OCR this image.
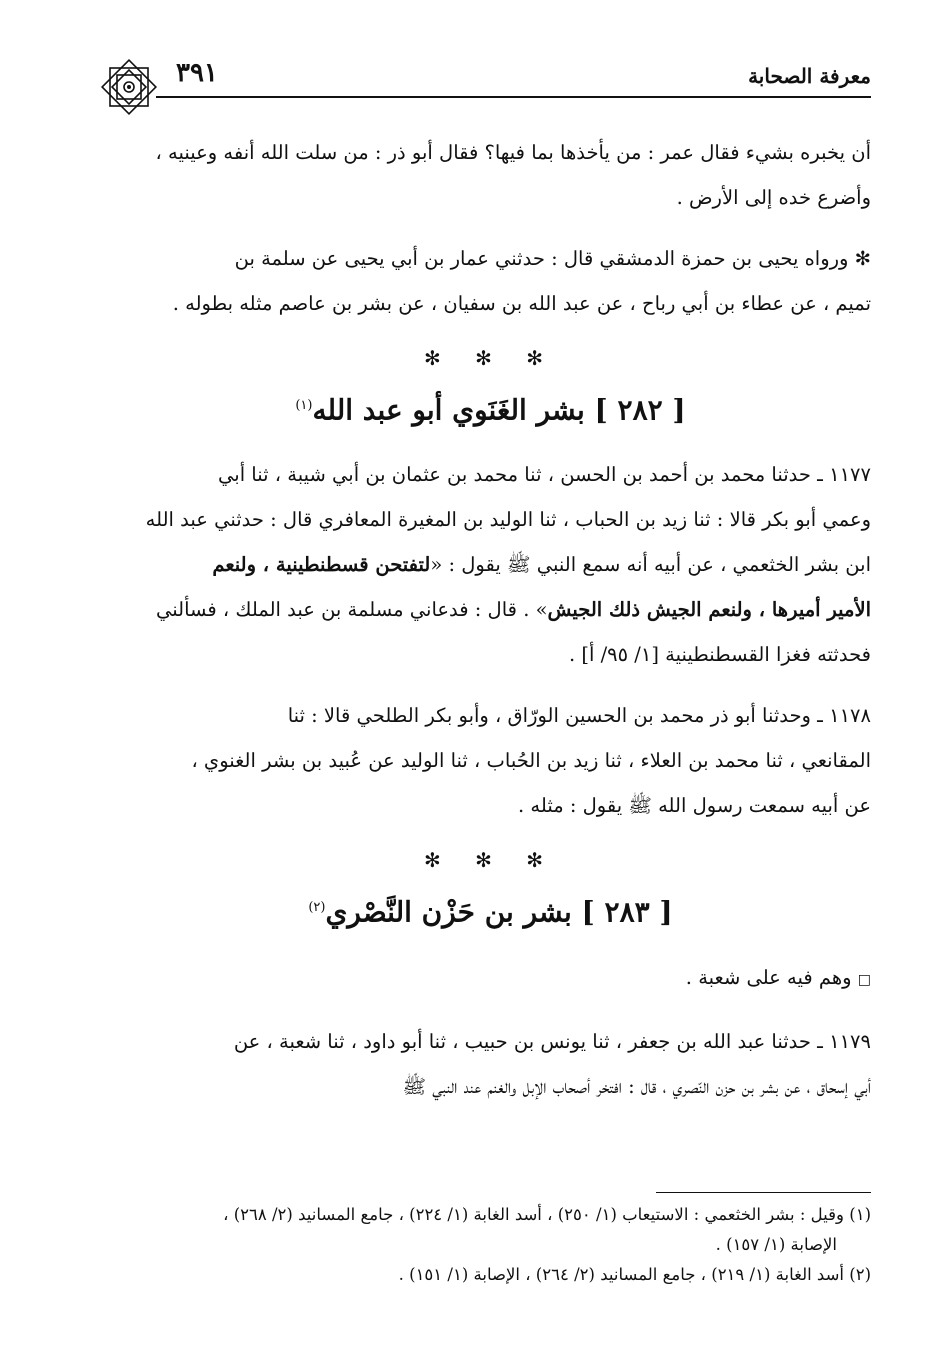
معرفة الصحابة
٣٩١

أن يخبره بشيء فقال عمر : من يأخذها بما فيها؟ فقال أبو ذر : من سلت الله أنفه وعينيه ،

وأضرع خده إلى الأرض .

✻ ورواه يحيى بن حمزة الدمشقي قال : حدثني عمار بن أبي يحيى عن سلمة بن

تميم ، عن عطاء بن أبي رباح ، عن عبد الله بن سفيان ، عن بشر بن عاصم مثله بطوله .

✻ ✻ ✻
[ ٢٨٢ ] بشر الغَنَوي أبو عبد الله$^{(١)}$

١١٧٧ ـ حدثنا محمد بن أحمد بن الحسن ، ثنا محمد بن عثمان بن أبي شيبة ، ثنا أبي

وعمي أبو بكر قالا : ثنا زيد بن الحباب ، ثنا الوليد بن المغيرة المعافري قال : حدثني عبد الله

ابن بشر الخثعمي ، عن أبيه أنه سمع النبي ﷺ يقول : «لتفتحن قسطنطينية ، ولنعم

الأمير أميرها ، ولنعم الجيش ذلك الجيش» . قال : فدعاني مسلمة بن عبد الملك ، فسألني

فحدثته فغزا القسطنطينية [١/ ٩٥/ أ] .

١١٧٨ ـ وحدثنا أبو ذر محمد بن الحسين الورّاق ، وأبو بكر الطلحي قالا : ثنا

المقانعي ، ثنا محمد بن العلاء ، ثنا زيد بن الحُباب ، ثنا الوليد عن عُبيد بن بشر الغنوي ،

عن أبيه سمعت رسول الله ﷺ يقول : مثله .

✻ ✻ ✻
[ ٢٨٣ ] بشر بن حَزْن النَّصْري$^{(٢)}$

□ وهم فيه على شعبة .

١١٧٩ ـ حدثنا عبد الله بن جعفر ، ثنا يونس بن حبيب ، ثنا أبو داود ، ثنا شعبة ، عن

أبي إسحاق ، عن بشر بن حزن النّصري ، قال : افتخر أصحاب الإبل والغنم عند النبي ﷺ

(١) وقيل : بشر الخثعمي : الاستيعاب (١/ ٢٥٠) ، أسد الغابة (١/ ٢٢٤) ، جامع المسانيد (٢/ ٢٦٨) ،

الإصابة (١/ ١٥٧) .

(٢) أسد الغابة (١/ ٢١٩) ، جامع المسانيد (٢/ ٢٦٤) ، الإصابة (١/ ١٥١) .
